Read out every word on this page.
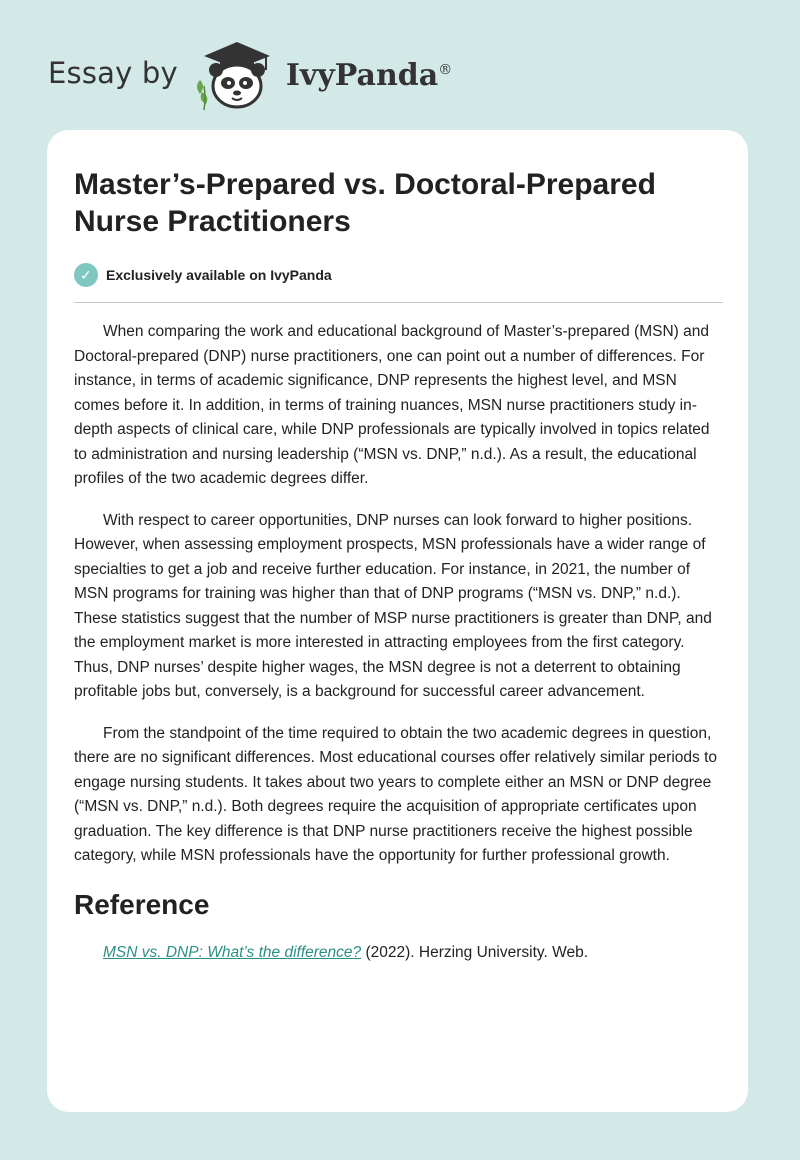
Essay by	IvyPanda®
Master’s-Prepared vs. Doctoral-Prepared Nurse Practitioners
✓	Exclusively available on IvyPanda

When comparing the work and educational background of Master’s-prepared (MSN) and Doctoral-prepared (DNP) nurse practitioners, one can point out a number of differences. For instance, in terms of academic significance, DNP represents the highest level, and MSN comes before it. In addition, in terms of training nuances, MSN nurse practitioners study in-depth aspects of clinical care, while DNP professionals are typically involved in topics related to administration and nursing leadership (“MSN vs. DNP,” n.d.). As a result, the educational profiles of the two academic degrees differ.

With respect to career opportunities, DNP nurses can look forward to higher positions. However, when assessing employment prospects, MSN professionals have a wider range of specialties to get a job and receive further education. For instance, in 2021, the number of MSN programs for training was higher than that of DNP programs (“MSN vs. DNP,” n.d.). These statistics suggest that the number of MSP nurse practitioners is greater than DNP, and the employment market is more interested in attracting employees from the first category. Thus, DNP nurses’ despite higher wages, the MSN degree is not a deterrent to obtaining profitable jobs but, conversely, is a background for successful career advancement.

From the standpoint of the time required to obtain the two academic degrees in question, there are no significant differences. Most educational courses offer relatively similar periods to engage nursing students. It takes about two years to complete either an MSN or DNP degree (“MSN vs. DNP,” n.d.). Both degrees require the acquisition of appropriate certificates upon graduation. The key difference is that DNP nurse practitioners receive the highest possible category, while MSN professionals have the opportunity for further professional growth.

Reference
MSN vs. DNP: What’s the difference? (2022). Herzing University. Web.
